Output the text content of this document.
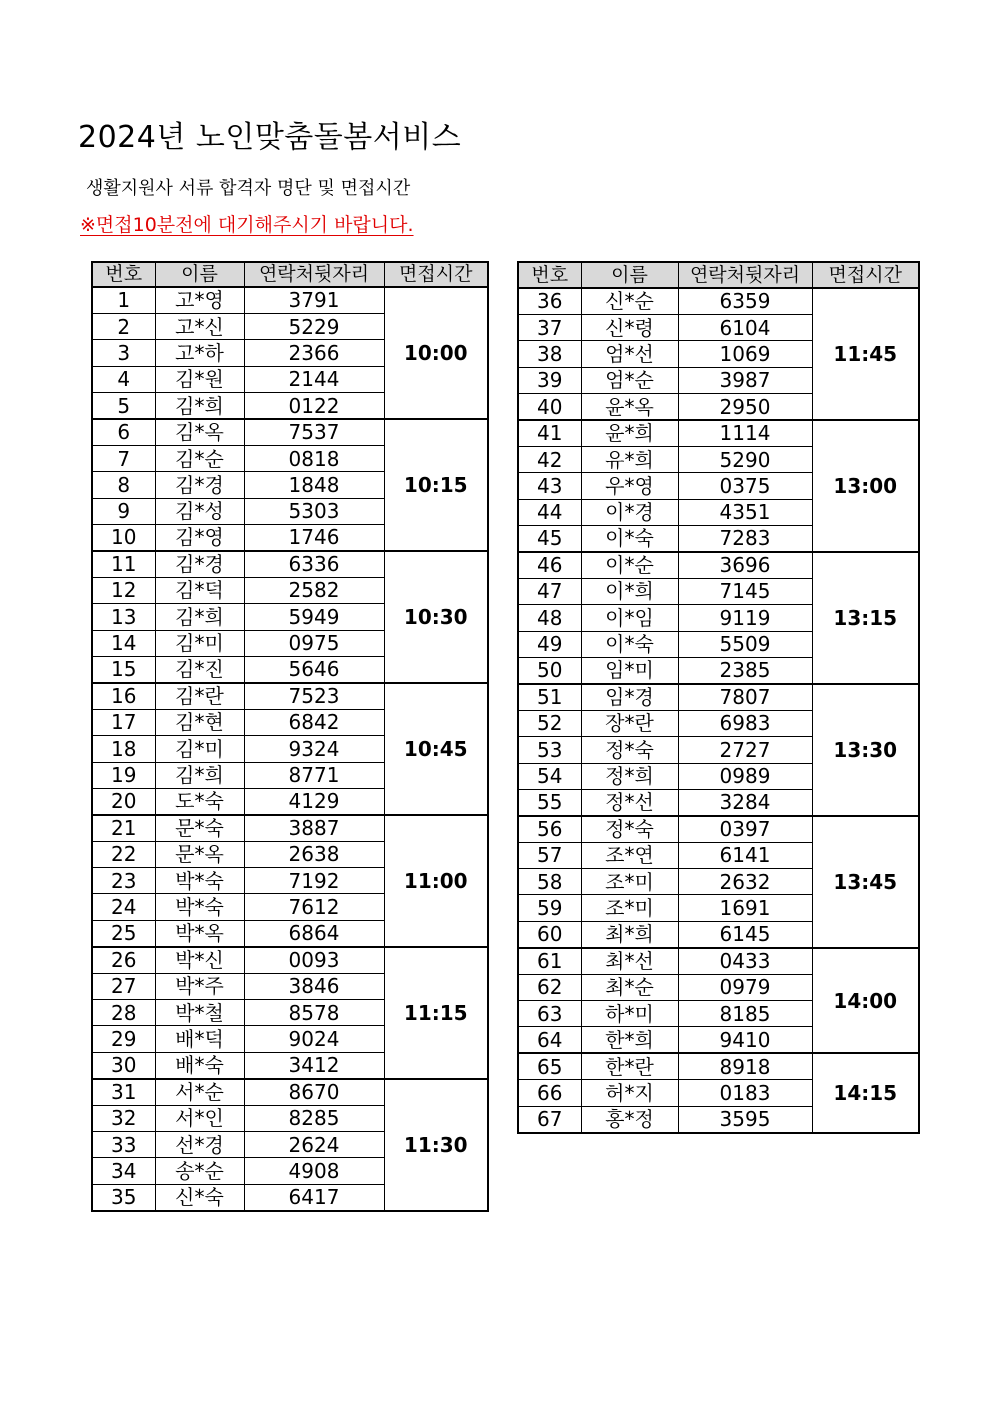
2024년 노인맞춤돌봄서비스
생활지원사 서류 합격자 명단 및 면접시간
※면접10분전에 대기해주시기 바랍니다.
번호	이름	연락처뒷자리	면접시간
1	고*영	3791	10:00
2	고*신	5229	
3	고*하	2366	
4	김*원	2144	
5	김*희	0122	
6	김*옥	7537	10:15
7	김*순	0818	
8	김*경	1848	
9	김*성	5303	
10	김*영	1746	
11	김*경	6336	10:30
12	김*덕	2582	
13	김*희	5949	
14	김*미	0975	
15	김*진	5646	
16	김*란	7523	10:45
17	김*현	6842	
18	김*미	9324	
19	김*희	8771	
20	도*숙	4129	
21	문*숙	3887	11:00
22	문*옥	2638	
23	박*숙	7192	
24	박*숙	7612	
25	박*옥	6864	
26	박*신	0093	11:15
27	박*주	3846	
28	박*철	8578	
29	배*덕	9024	
30	배*숙	3412	
31	서*순	8670	11:30
32	서*인	8285	
33	선*경	2624	
34	송*순	4908	
35	신*숙	6417	
번호	이름	연락처뒷자리	면접시간
36	신*순	6359	11:45
37	신*령	6104	
38	엄*선	1069	
39	엄*순	3987	
40	윤*옥	2950	
41	윤*희	1114	13:00
42	유*희	5290	
43	우*영	0375	
44	이*경	4351	
45	이*숙	7283	
46	이*순	3696	13:15
47	이*희	7145	
48	이*임	9119	
49	이*숙	5509	
50	임*미	2385	
51	임*경	7807	13:30
52	장*란	6983	
53	정*숙	2727	
54	정*희	0989	
55	정*선	3284	
56	정*숙	0397	13:45
57	조*연	6141	
58	조*미	2632	
59	조*미	1691	
60	최*희	6145	
61	최*선	0433	14:00
62	최*순	0979	
63	하*미	8185	
64	한*희	9410	
65	한*란	8918	14:15
66	허*지	0183	
67	홍*정	3595	
